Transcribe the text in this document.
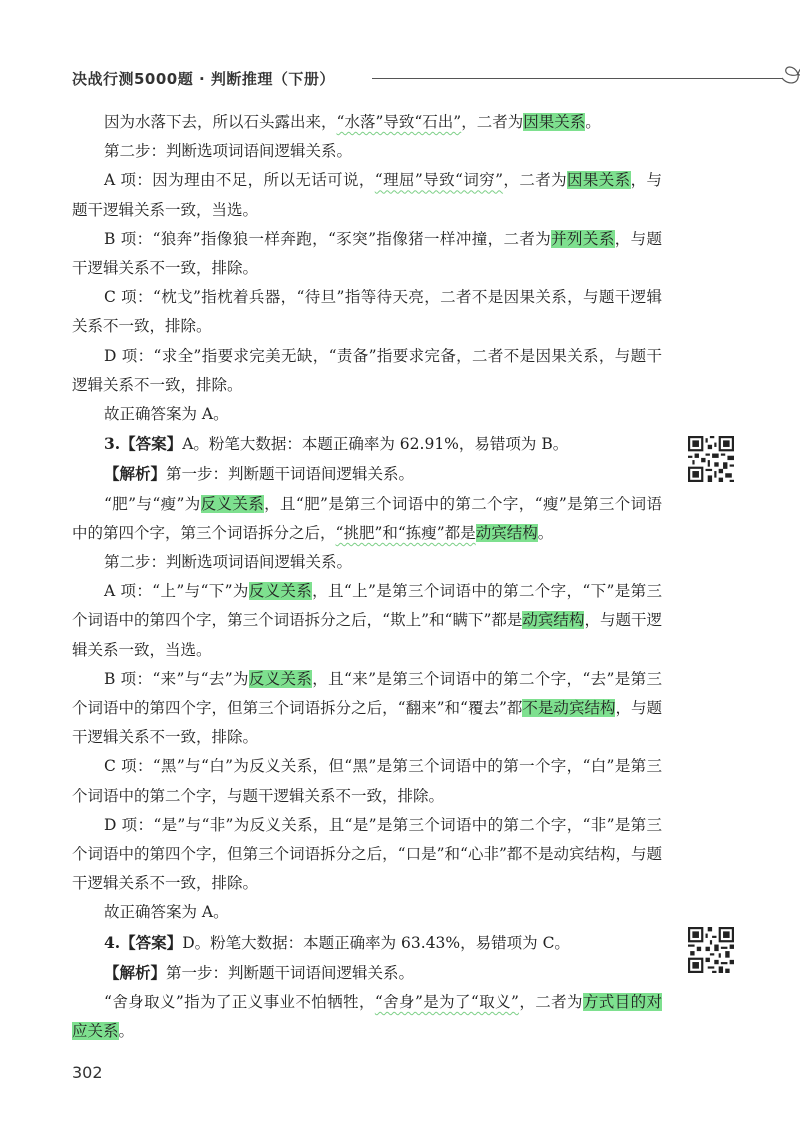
决战行测5000题 · 判断推理（下册）

因为水落下去，所以石头露出来，“水落”导致“石出”，二者为因果关系。

第二步：判断选项词语间逻辑关系。

A 项：因为理由不足，所以无话可说，“理屈”导致“词穷”，二者为因果关系，与题干逻辑关系一致，当选。

B 项：“狼奔”指像狼一样奔跑，“豕突”指像猪一样冲撞，二者为并列关系，与题干逻辑关系不一致，排除。

C 项：“枕戈”指枕着兵器，“待旦”指等待天亮，二者不是因果关系，与题干逻辑关系不一致，排除。

D 项：“求全”指要求完美无缺，“责备”指要求完备，二者不是因果关系，与题干逻辑关系不一致，排除。

故正确答案为 A。

3.【答案】A。粉笔大数据：本题正确率为 62.91%，易错项为 B。

【解析】第一步：判断题干词语间逻辑关系。

“肥”与“瘦”为反义关系，且“肥”是第三个词语中的第二个字，“瘦”是第三个词语中的第四个字，第三个词语拆分之后，“挑肥”和“拣瘦”都是动宾结构。

第二步：判断选项词语间逻辑关系。

A 项：“上”与“下”为反义关系，且“上”是第三个词语中的第二个字，“下”是第三个词语中的第四个字，第三个词语拆分之后，“欺上”和“瞒下”都是动宾结构，与题干逻辑关系一致，当选。

B 项：“来”与“去”为反义关系，且“来”是第三个词语中的第二个字，“去”是第三个词语中的第四个字，但第三个词语拆分之后，“翻来”和“覆去”都不是动宾结构，与题干逻辑关系不一致，排除。

C 项：“黑”与“白”为反义关系，但“黑”是第三个词语中的第一个字，“白”是第三个词语中的第二个字，与题干逻辑关系不一致，排除。

D 项：“是”与“非”为反义关系，且“是”是第三个词语中的第二个字，“非”是第三个词语中的第四个字，但第三个词语拆分之后，“口是”和“心非”都不是动宾结构，与题干逻辑关系不一致，排除。

故正确答案为 A。

4.【答案】D。粉笔大数据：本题正确率为 63.43%，易错项为 C。

【解析】第一步：判断题干词语间逻辑关系。

“舍身取义”指为了正义事业不怕牺牲，“舍身”是为了“取义”，二者为方式目的对应关系。

302
